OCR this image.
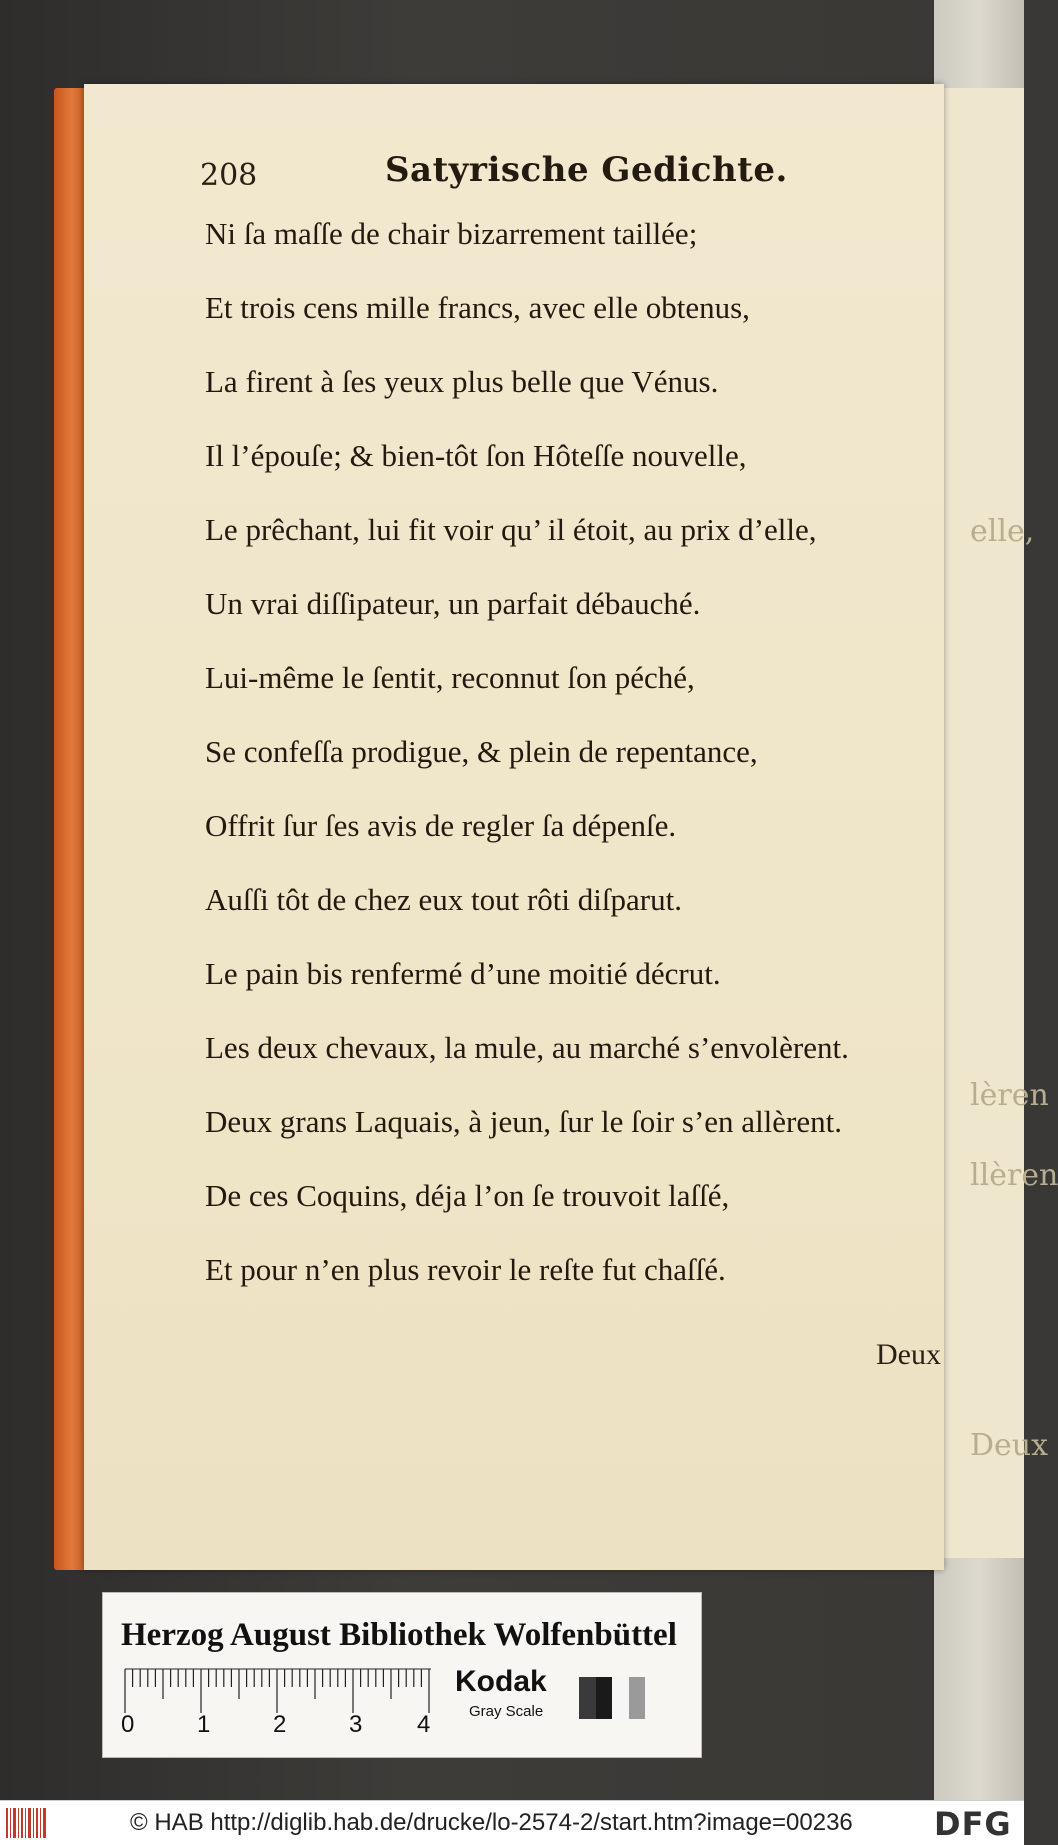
elle,
lèren
llèren
Deux
208	Satyrische Gedichte.
Ni ſa maſſe de chair bizarrement taillée;
Et trois cens mille francs, avec elle obtenus,
La firent à ſes yeux plus belle que Vénus.
Il l’épouſe; & bien-tôt ſon Hôteſſe nouvelle,
Le prêchant, lui fit voir qu’ il étoit, au prix d’elle,
Un vrai diſſipateur, un parfait débauché.
Lui-même le ſentit, reconnut ſon péché,
Se confeſſa prodigue, & plein de repentance,
Offrit ſur ſes avis de regler ſa dépenſe.
Auſſi tôt de chez eux tout rôti diſparut.
Le pain bis renfermé d’une moitié décrut.
Les deux chevaux, la mule, au marché s’envolèrent.
Deux grans Laquais, à jeun, ſur le ſoir s’en allèrent.
De ces Coquins, déja l’on ſe trouvoit laſſé,
Et pour n’en plus revoir le reſte fut chaſſé.
Deux
Herzog August Bibliothek Wolfenbüttel
0	1	2	3 4
Kodak
Gray Scale
© HAB http://diglib.hab.de/drucke/lo-2574-2/start.htm?image=00236	DFG
